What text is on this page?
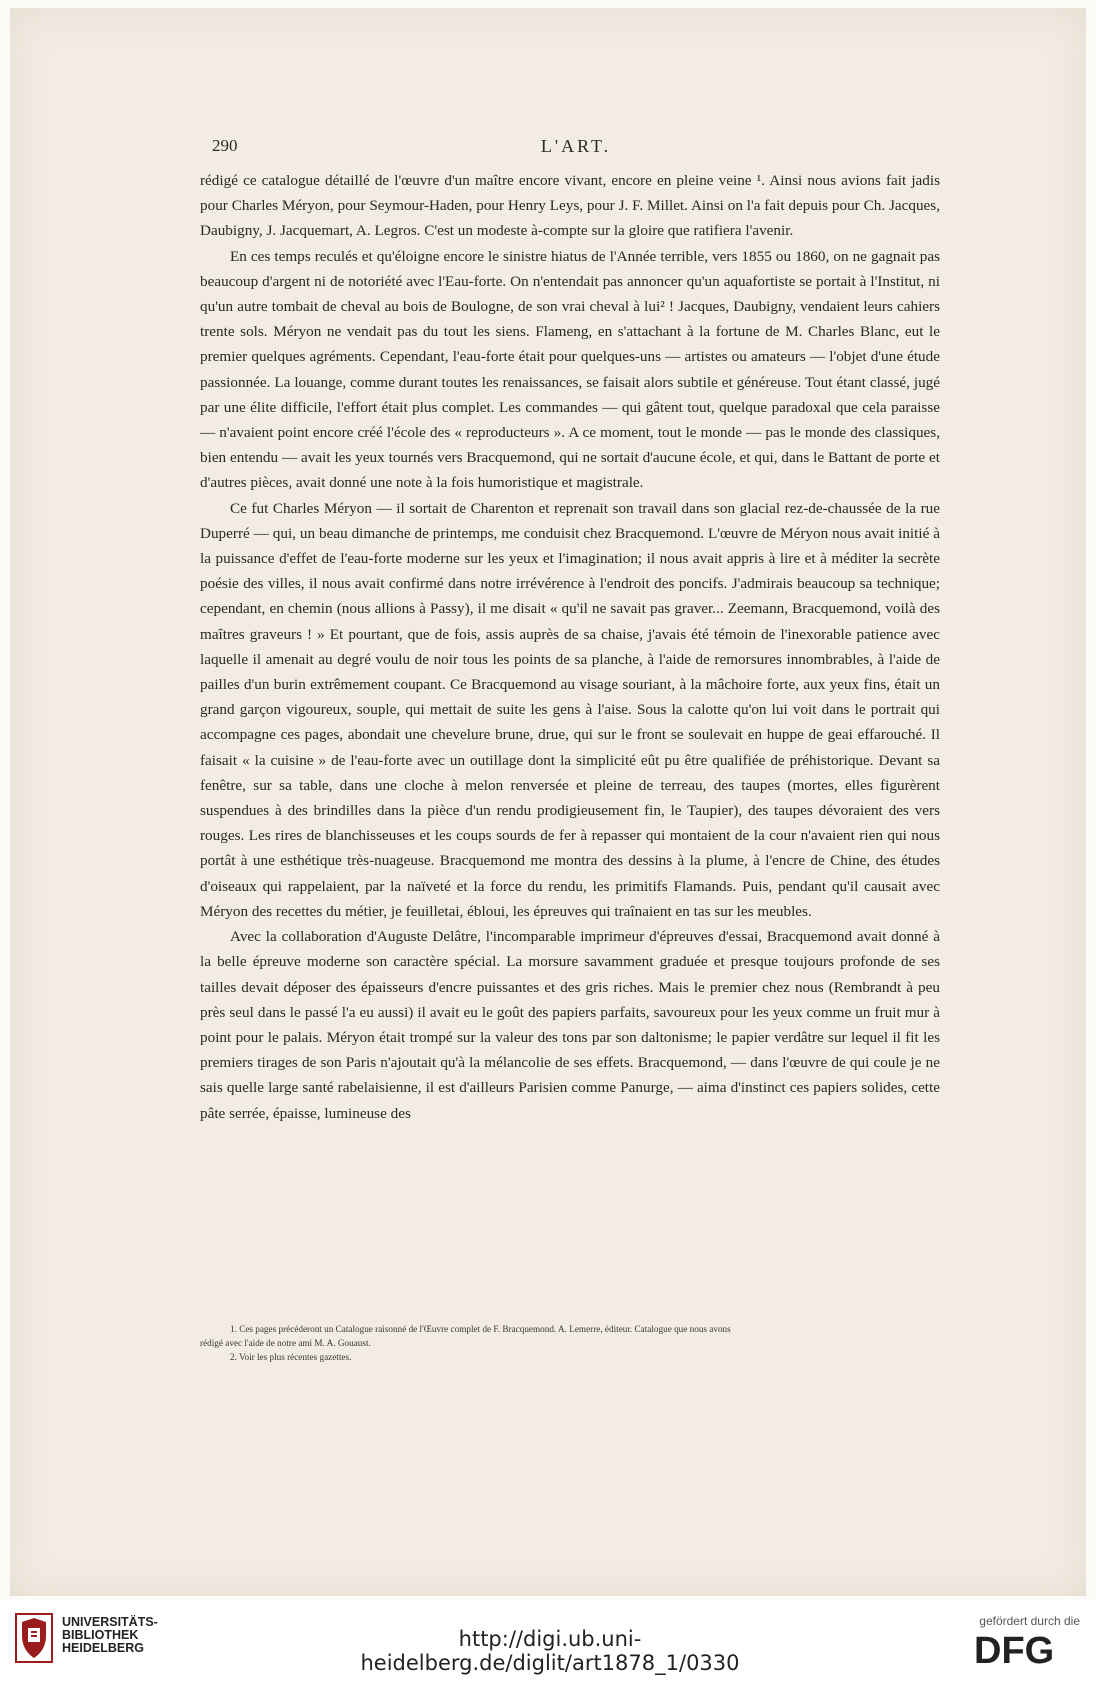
290	L'ART.

rédigé ce catalogue détaillé de l'œuvre d'un maître encore vivant, encore en pleine veine ¹. Ainsi nous avions fait jadis pour Charles Méryon, pour Seymour-Haden, pour Henry Leys, pour J. F. Millet. Ainsi on l'a fait depuis pour Ch. Jacques, Daubigny, J. Jacquemart, A. Legros. C'est un modeste à-compte sur la gloire que ratifiera l'avenir.

En ces temps reculés et qu'éloigne encore le sinistre hiatus de l'Année terrible, vers 1855 ou 1860, on ne gagnait pas beaucoup d'argent ni de notoriété avec l'Eau-forte. On n'entendait pas annoncer qu'un aquafortiste se portait à l'Institut, ni qu'un autre tombait de cheval au bois de Boulogne, de son vrai cheval à lui² ! Jacques, Daubigny, vendaient leurs cahiers trente sols. Méryon ne vendait pas du tout les siens. Flameng, en s'attachant à la fortune de M. Charles Blanc, eut le premier quelques agréments. Cependant, l'eau-forte était pour quelques-uns — artistes ou amateurs — l'objet d'une étude passionnée. La louange, comme durant toutes les renaissances, se faisait alors subtile et généreuse. Tout étant classé, jugé par une élite difficile, l'effort était plus complet. Les commandes — qui gâtent tout, quelque paradoxal que cela paraisse — n'avaient point encore créé l'école des « reproducteurs ». A ce moment, tout le monde — pas le monde des classiques, bien entendu — avait les yeux tournés vers Bracquemond, qui ne sortait d'aucune école, et qui, dans le Battant de porte et d'autres pièces, avait donné une note à la fois humoristique et magistrale.

Ce fut Charles Méryon — il sortait de Charenton et reprenait son travail dans son glacial rez-de-chaussée de la rue Duperré — qui, un beau dimanche de printemps, me conduisit chez Bracquemond. L'œuvre de Méryon nous avait initié à la puissance d'effet de l'eau-forte moderne sur les yeux et l'imagination; il nous avait appris à lire et à méditer la secrète poésie des villes, il nous avait confirmé dans notre irrévérence à l'endroit des poncifs. J'admirais beaucoup sa technique; cependant, en chemin (nous allions à Passy), il me disait « qu'il ne savait pas graver... Zeemann, Bracquemond, voilà des maîtres graveurs ! » Et pourtant, que de fois, assis auprès de sa chaise, j'avais été témoin de l'inexorable patience avec laquelle il amenait au degré voulu de noir tous les points de sa planche, à l'aide de remorsures innombrables, à l'aide de pailles d'un burin extrêmement coupant. Ce Bracquemond au visage souriant, à la mâchoire forte, aux yeux fins, était un grand garçon vigoureux, souple, qui mettait de suite les gens à l'aise. Sous la calotte qu'on lui voit dans le portrait qui accompagne ces pages, abondait une chevelure brune, drue, qui sur le front se soulevait en huppe de geai effarouché. Il faisait « la cuisine » de l'eau-forte avec un outillage dont la simplicité eût pu être qualifiée de préhistorique. Devant sa fenêtre, sur sa table, dans une cloche à melon renversée et pleine de terreau, des taupes (mortes, elles figurèrent suspendues à des brindilles dans la pièce d'un rendu prodigieusement fin, le Taupier), des taupes dévoraient des vers rouges. Les rires de blanchisseuses et les coups sourds de fer à repasser qui montaient de la cour n'avaient rien qui nous portât à une esthétique très-nuageuse. Bracquemond me montra des dessins à la plume, à l'encre de Chine, des études d'oiseaux qui rappelaient, par la naïveté et la force du rendu, les primitifs Flamands. Puis, pendant qu'il causait avec Méryon des recettes du métier, je feuilletai, ébloui, les épreuves qui traînaient en tas sur les meubles.

Avec la collaboration d'Auguste Delâtre, l'incomparable imprimeur d'épreuves d'essai, Bracquemond avait donné à la belle épreuve moderne son caractère spécial. La morsure savamment graduée et presque toujours profonde de ses tailles devait déposer des épaisseurs d'encre puissantes et des gris riches. Mais le premier chez nous (Rembrandt à peu près seul dans le passé l'a eu aussi) il avait eu le goût des papiers parfaits, savoureux pour les yeux comme un fruit mur à point pour le palais. Méryon était trompé sur la valeur des tons par son daltonisme; le papier verdâtre sur lequel il fit les premiers tirages de son Paris n'ajoutait qu'à la mélancolie de ses effets. Bracquemond, — dans l'œuvre de qui coule je ne sais quelle large santé rabelaisienne, il est d'ailleurs Parisien comme Panurge, — aima d'instinct ces papiers solides, cette pâte serrée, épaisse, lumineuse des

1. Ces pages précéderont un Catalogue raisonné de l'Œuvre complet de F. Bracquemond. A. Lemerre, éditeur. Catalogue que nous avons

rédigé avec l'aide de notre ami M. A. Gouaust.

2. Voir les plus récentes gazettes.

UNIVERSITÄTS-
BIBLIOTHEK
HEIDELBERG	http://digi.ub.uni-heidelberg.de/diglit/art1878_1/0330
gefördert durch die
DFG
